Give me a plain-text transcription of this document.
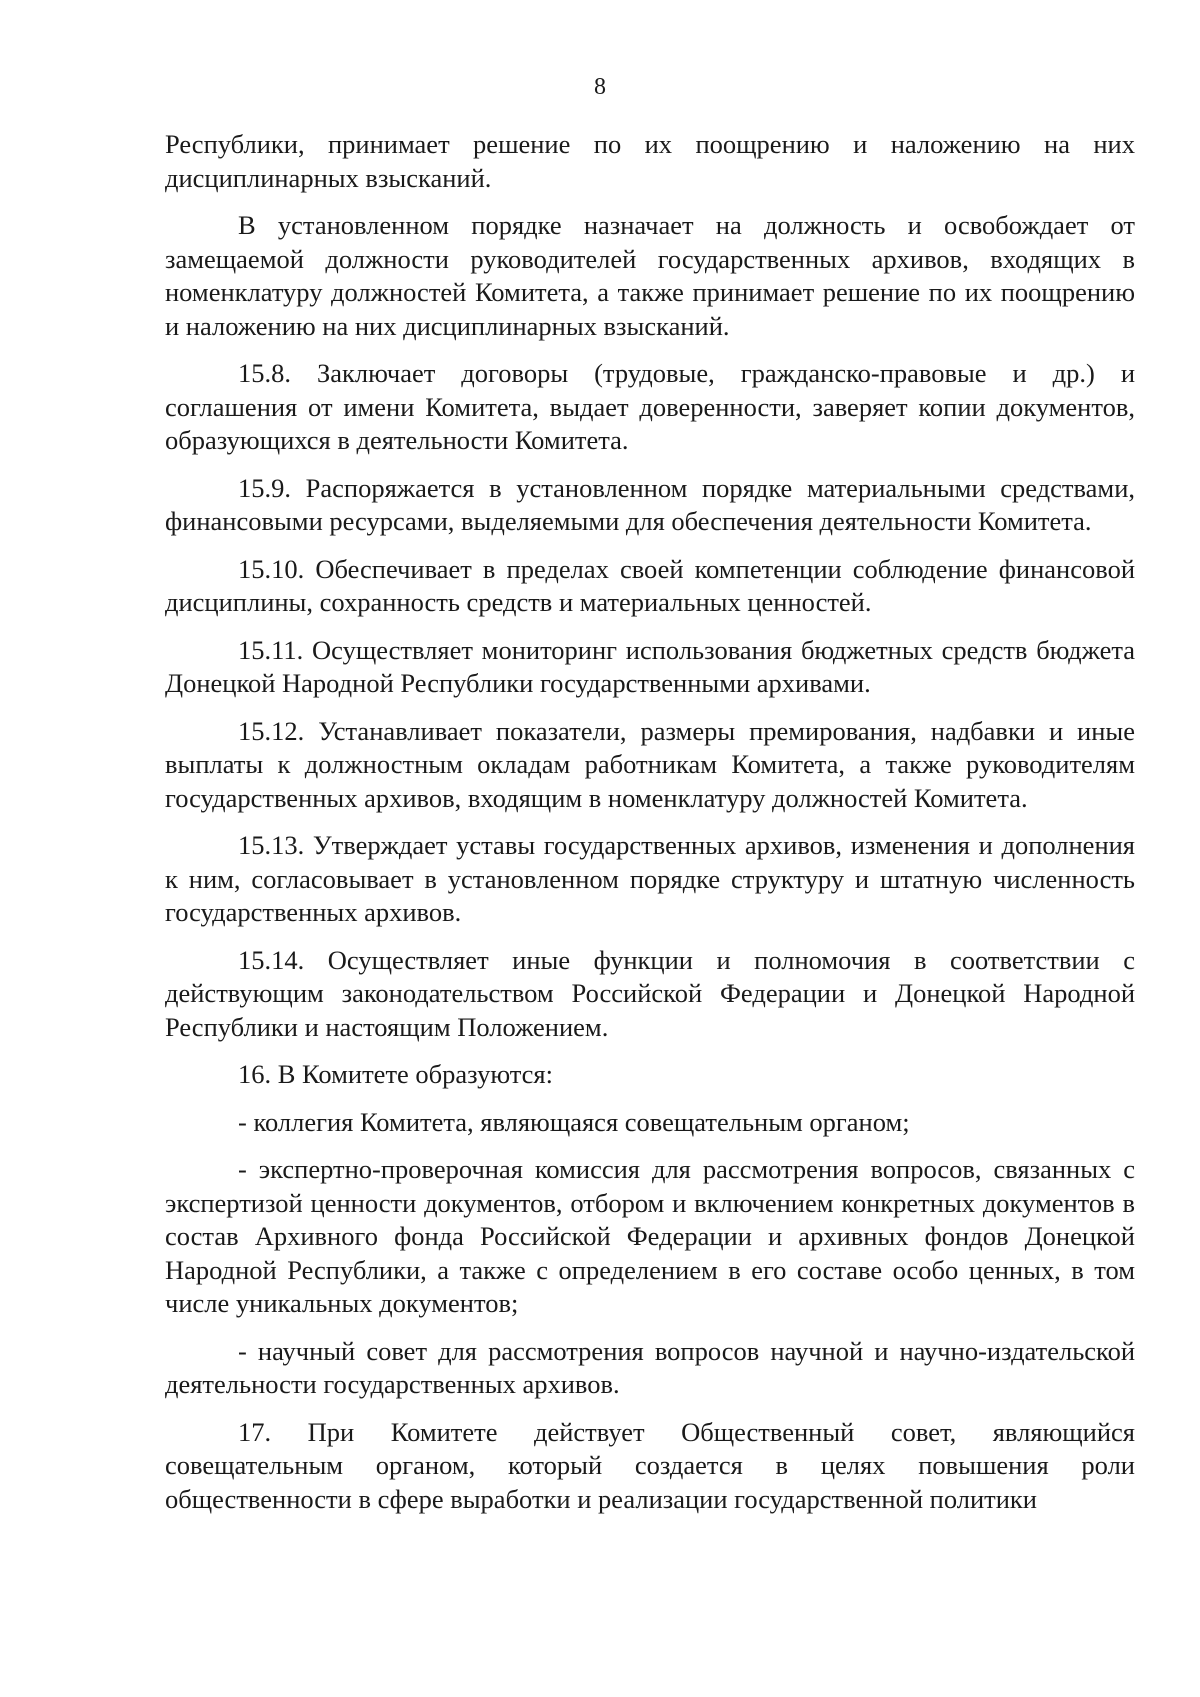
8

Республики, принимает решение по их поощрению и наложению на них дисциплинарных взысканий.

В установленном порядке назначает на должность и освобождает от замещаемой должности руководителей государственных архивов, входящих в номенклатуру должностей Комитета, а также принимает решение по их поощрению и наложению на них дисциплинарных взысканий.

15.8. Заключает договоры (трудовые, гражданско-правовые и др.) и соглашения от имени Комитета, выдает доверенности, заверяет копии документов, образующихся в деятельности Комитета.

15.9. Распоряжается в установленном порядке материальными средствами, финансовыми ресурсами, выделяемыми для обеспечения деятельности Комитета.

15.10. Обеспечивает в пределах своей компетенции соблюдение финансовой дисциплины, сохранность средств и материальных ценностей.

15.11. Осуществляет мониторинг использования бюджетных средств бюджета Донецкой Народной Республики государственными архивами.

15.12. Устанавливает показатели, размеры премирования, надбавки и иные выплаты к должностным окладам работникам Комитета, а также руководителям государственных архивов, входящим в номенклатуру должностей Комитета.

15.13. Утверждает уставы государственных архивов, изменения и дополнения к ним, согласовывает в установленном порядке структуру и штатную численность государственных архивов.

15.14. Осуществляет иные функции и полномочия в соответствии с действующим законодательством Российской Федерации и Донецкой Народной Республики и настоящим Положением.

16. В Комитете образуются:

- коллегия Комитета, являющаяся совещательным органом;

- экспертно-проверочная комиссия для рассмотрения вопросов, связанных с экспертизой ценности документов, отбором и включением конкретных документов в состав Архивного фонда Российской Федерации и архивных фондов Донецкой Народной Республики, а также с определением в его составе особо ценных, в том числе уникальных документов;

- научный совет для рассмотрения вопросов научной и научно-издательской деятельности государственных архивов.

17. При Комитете действует Общественный совет, являющийся совещательным органом, который создается в целях повышения роли общественности в сфере выработки и реализации государственной политики
